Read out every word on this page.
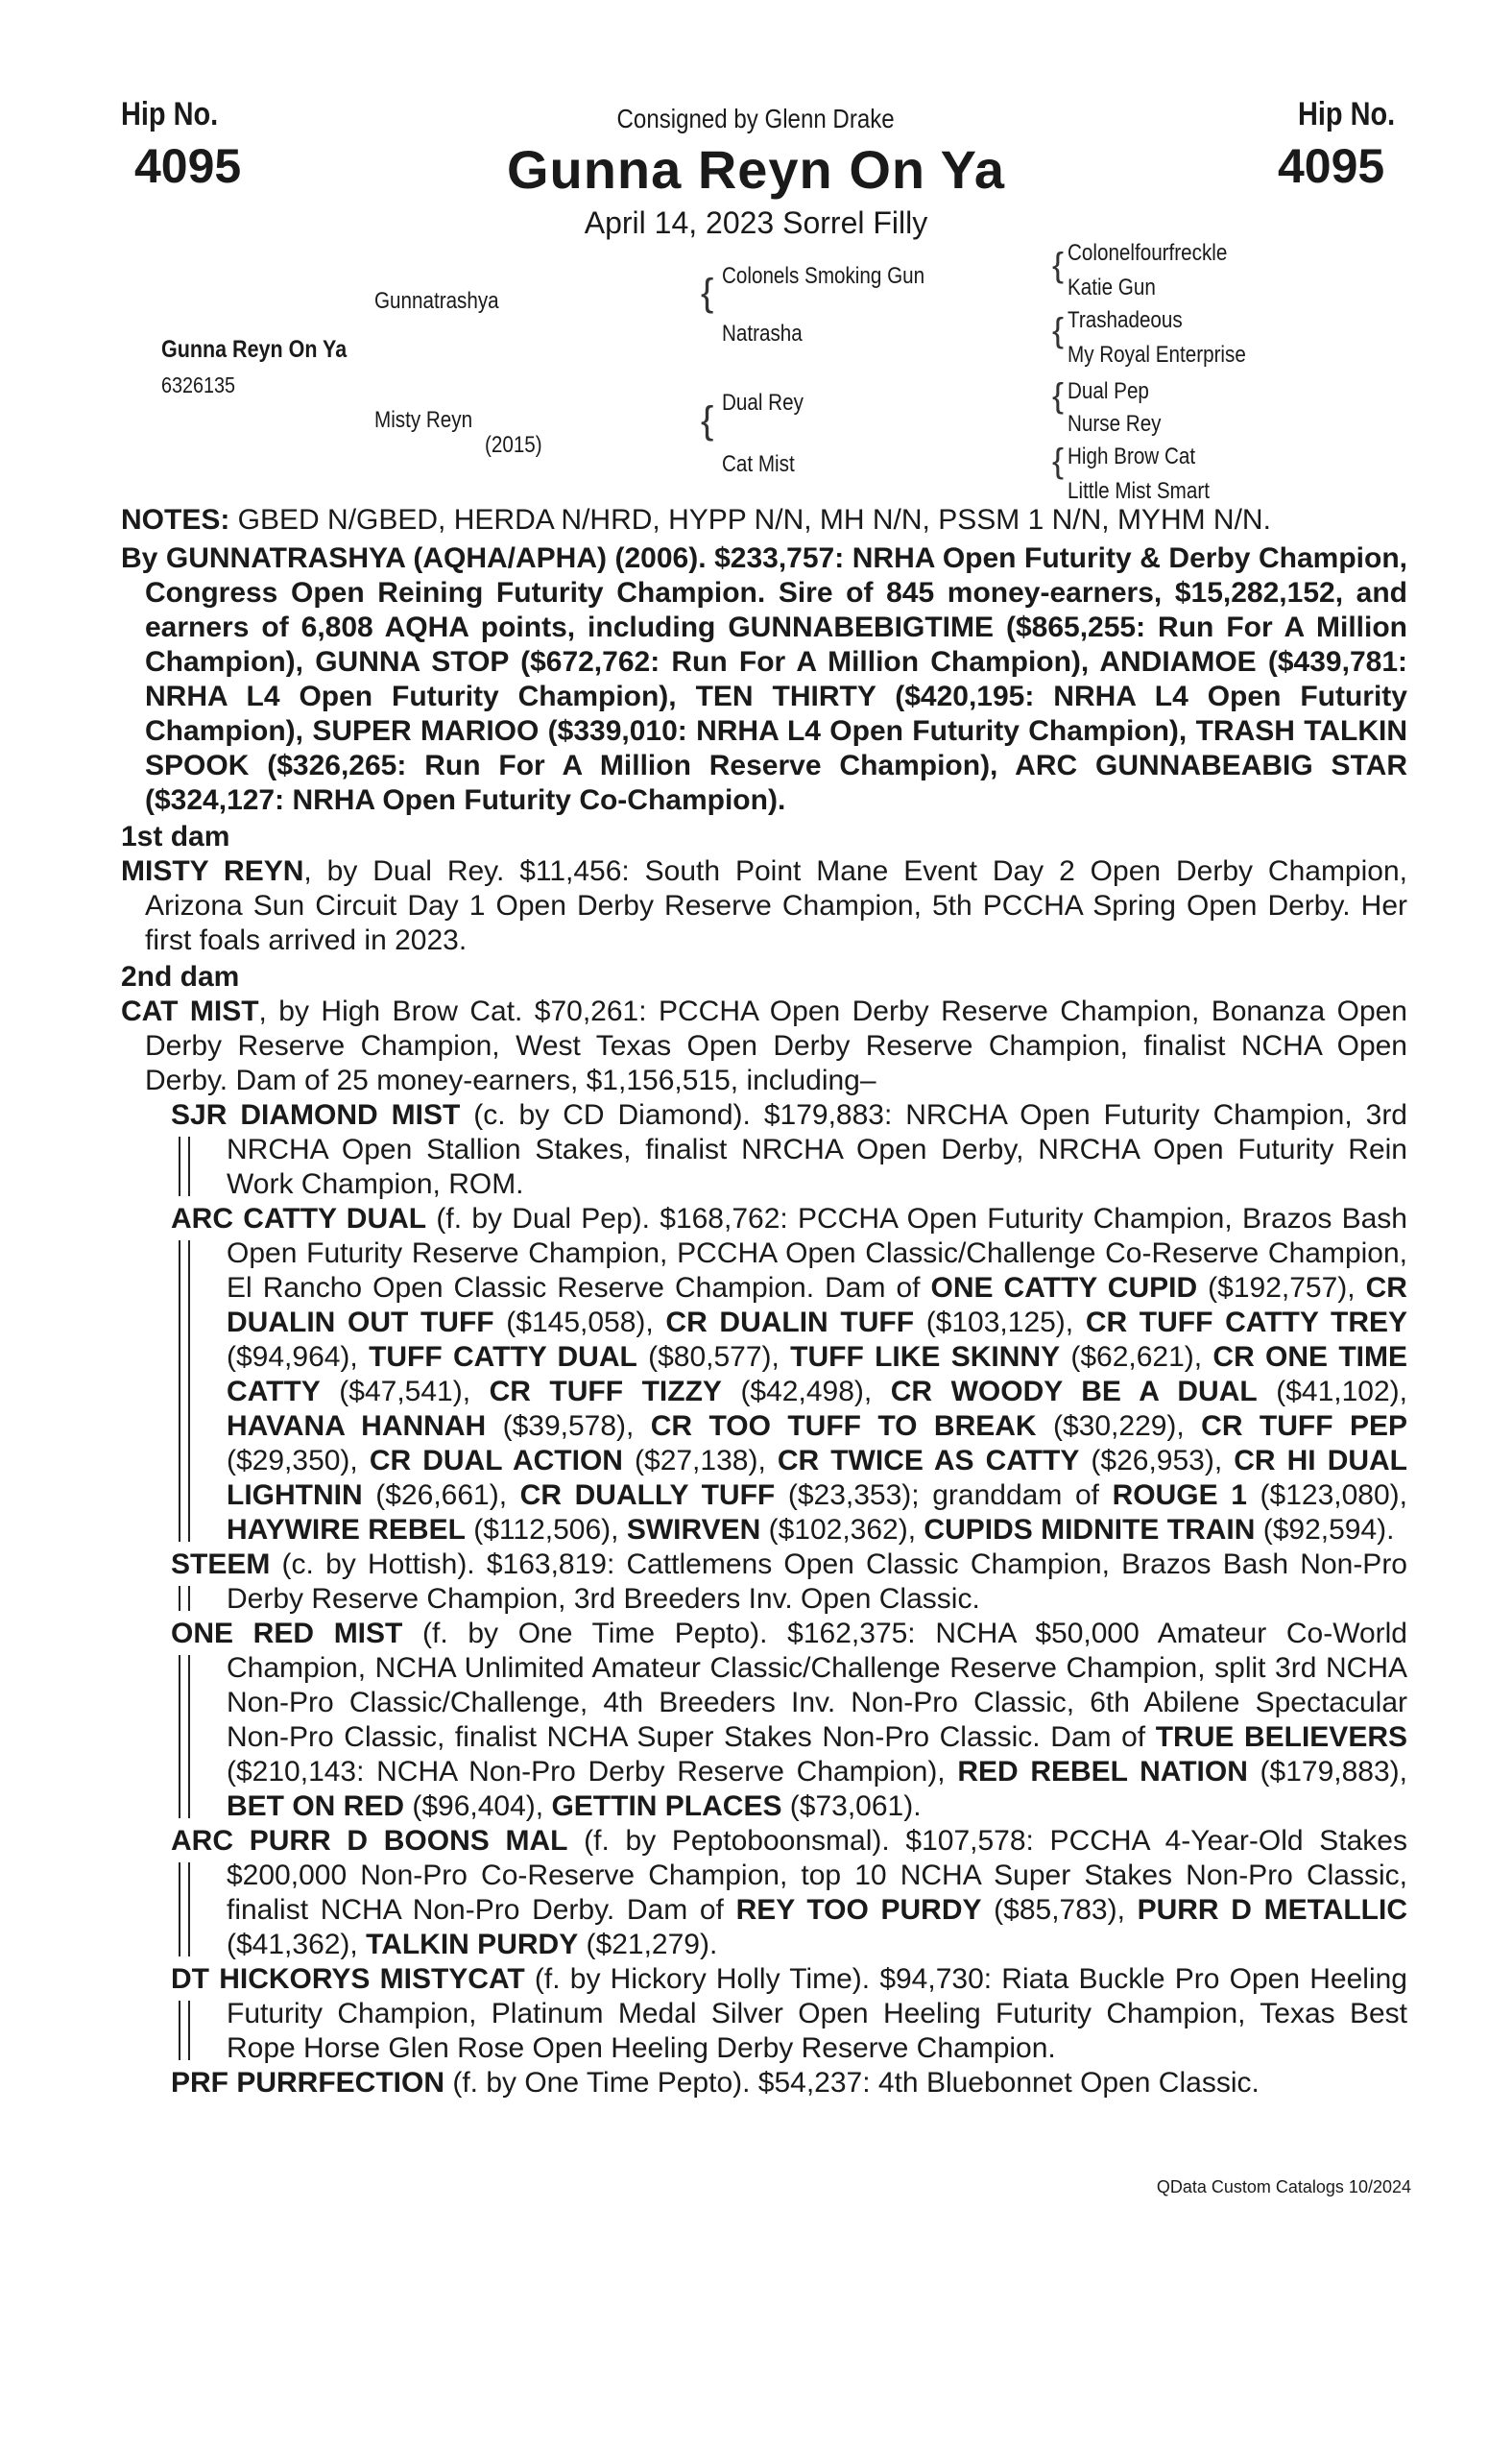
Hip No.
4095
Hip No.
4095
Consigned by Glenn Drake
Gunna Reyn On Ya
April 14, 2023 Sorrel Filly
Gunna Reyn On Ya
6326135
Gunnatrashya
Misty Reyn
(2015)
{
{
Colonels Smoking Gun
Natrasha
Dual Rey
Cat Mist
{
{
{
{
Colonelfourfreckle
Katie Gun
Trashadeous
My Royal Enterprise
Dual Pep
Nurse Rey
High Brow Cat
Little Mist Smart

NOTES: GBED N/GBED, HERDA N/HRD, HYPP N/N, MH N/N, PSSM 1 N/N, MYHM N/N.

By GUNNATRASHYA (AQHA/APHA) (2006). $233,757: NRHA Open Futurity & Derby Champion, Congress Open Reining Futurity Champion. Sire of 845 money-earners, $15,282,152, and earners of 6,808 AQHA points, including GUNNABEBIGTIME ($865,255: Run For A Million Champion), GUNNA STOP ($672,762: Run For A Million Champion), ANDIAMOE ($439,781: NRHA L4 Open Futurity Champion), TEN THIRTY ($420,195: NRHA L4 Open Futurity Champion), SUPER MARIOO ($339,010: NRHA L4 Open Futurity Champion), TRASH TALKIN SPOOK ($326,265: Run For A Million Reserve Champion), ARC GUNNABEABIG STAR ($324,127: NRHA Open Futurity Co-Champion).

1st dam

MISTY REYN, by Dual Rey. $11,456: South Point Mane Event Day 2 Open Derby Champion, Arizona Sun Circuit Day 1 Open Derby Reserve Champion, 5th PCCHA Spring Open Derby. Her first foals arrived in 2023.

2nd dam

CAT MIST, by High Brow Cat. $70,261: PCCHA Open Derby Reserve Champion, Bonanza Open Derby Reserve Champion, West Texas Open Derby Reserve Champion, finalist NCHA Open Derby. Dam of 25 money-earners, $1,156,515, including–

SJR DIAMOND MIST (c. by CD Diamond). $179,883: NRCHA Open Futurity Champion, 3rd NRCHA Open Stallion Stakes, finalist NRCHA Open Derby, NRCHA Open Futurity Rein Work Champion, ROM.

ARC CATTY DUAL (f. by Dual Pep). $168,762: PCCHA Open Futurity Champion, Brazos Bash Open Futurity Reserve Champion, PCCHA Open Classic/Challenge Co-Reserve Champion, El Rancho Open Classic Reserve Champion. Dam of ONE CATTY CUPID ($192,757), CR DUALIN OUT TUFF ($145,058), CR DUALIN TUFF ($103,125), CR TUFF CATTY TREY ($94,964), TUFF CATTY DUAL ($80,577), TUFF LIKE SKINNY ($62,621), CR ONE TIME CATTY ($47,541), CR TUFF TIZZY ($42,498), CR WOODY BE A DUAL ($41,102), HAVANA HANNAH ($39,578), CR TOO TUFF TO BREAK ($30,229), CR TUFF PEP ($29,350), CR DUAL ACTION ($27,138), CR TWICE AS CATTY ($26,953), CR HI DUAL LIGHTNIN ($26,661), CR DUALLY TUFF ($23,353); granddam of ROUGE 1 ($123,080), HAYWIRE REBEL ($112,506), SWIRVEN ($102,362), CUPIDS MIDNITE TRAIN ($92,594).

STEEM (c. by Hottish). $163,819: Cattlemens Open Classic Champion, Brazos Bash Non-Pro Derby Reserve Champion, 3rd Breeders Inv. Open Classic.

ONE RED MIST (f. by One Time Pepto). $162,375: NCHA $50,000 Amateur Co-World Champion, NCHA Unlimited Amateur Classic/Challenge Reserve Champion, split 3rd NCHA Non-Pro Classic/Challenge, 4th Breeders Inv. Non-Pro Classic, 6th Abilene Spectacular Non-Pro Classic, finalist NCHA Super Stakes Non-Pro Classic. Dam of TRUE BELIEVERS ($210,143: NCHA Non-Pro Derby Reserve Champion), RED REBEL NATION ($179,883), BET ON RED ($96,404), GETTIN PLACES ($73,061).

ARC PURR D BOONS MAL (f. by Peptoboonsmal). $107,578: PCCHA 4-Year-Old Stakes $200,000 Non-Pro Co-Reserve Champion, top 10 NCHA Super Stakes Non-Pro Classic, finalist NCHA Non-Pro Derby. Dam of REY TOO PURDY ($85,783), PURR D METALLIC ($41,362), TALKIN PURDY ($21,279).

DT HICKORYS MISTYCAT (f. by Hickory Holly Time). $94,730: Riata Buckle Pro Open Heeling Futurity Champion, Platinum Medal Silver Open Heeling Futurity Champion, Texas Best Rope Horse Glen Rose Open Heeling Derby Reserve Champion.

PRF PURRFECTION (f. by One Time Pepto). $54,237: 4th Bluebonnet Open Classic.

QData Custom Catalogs 10/2024
